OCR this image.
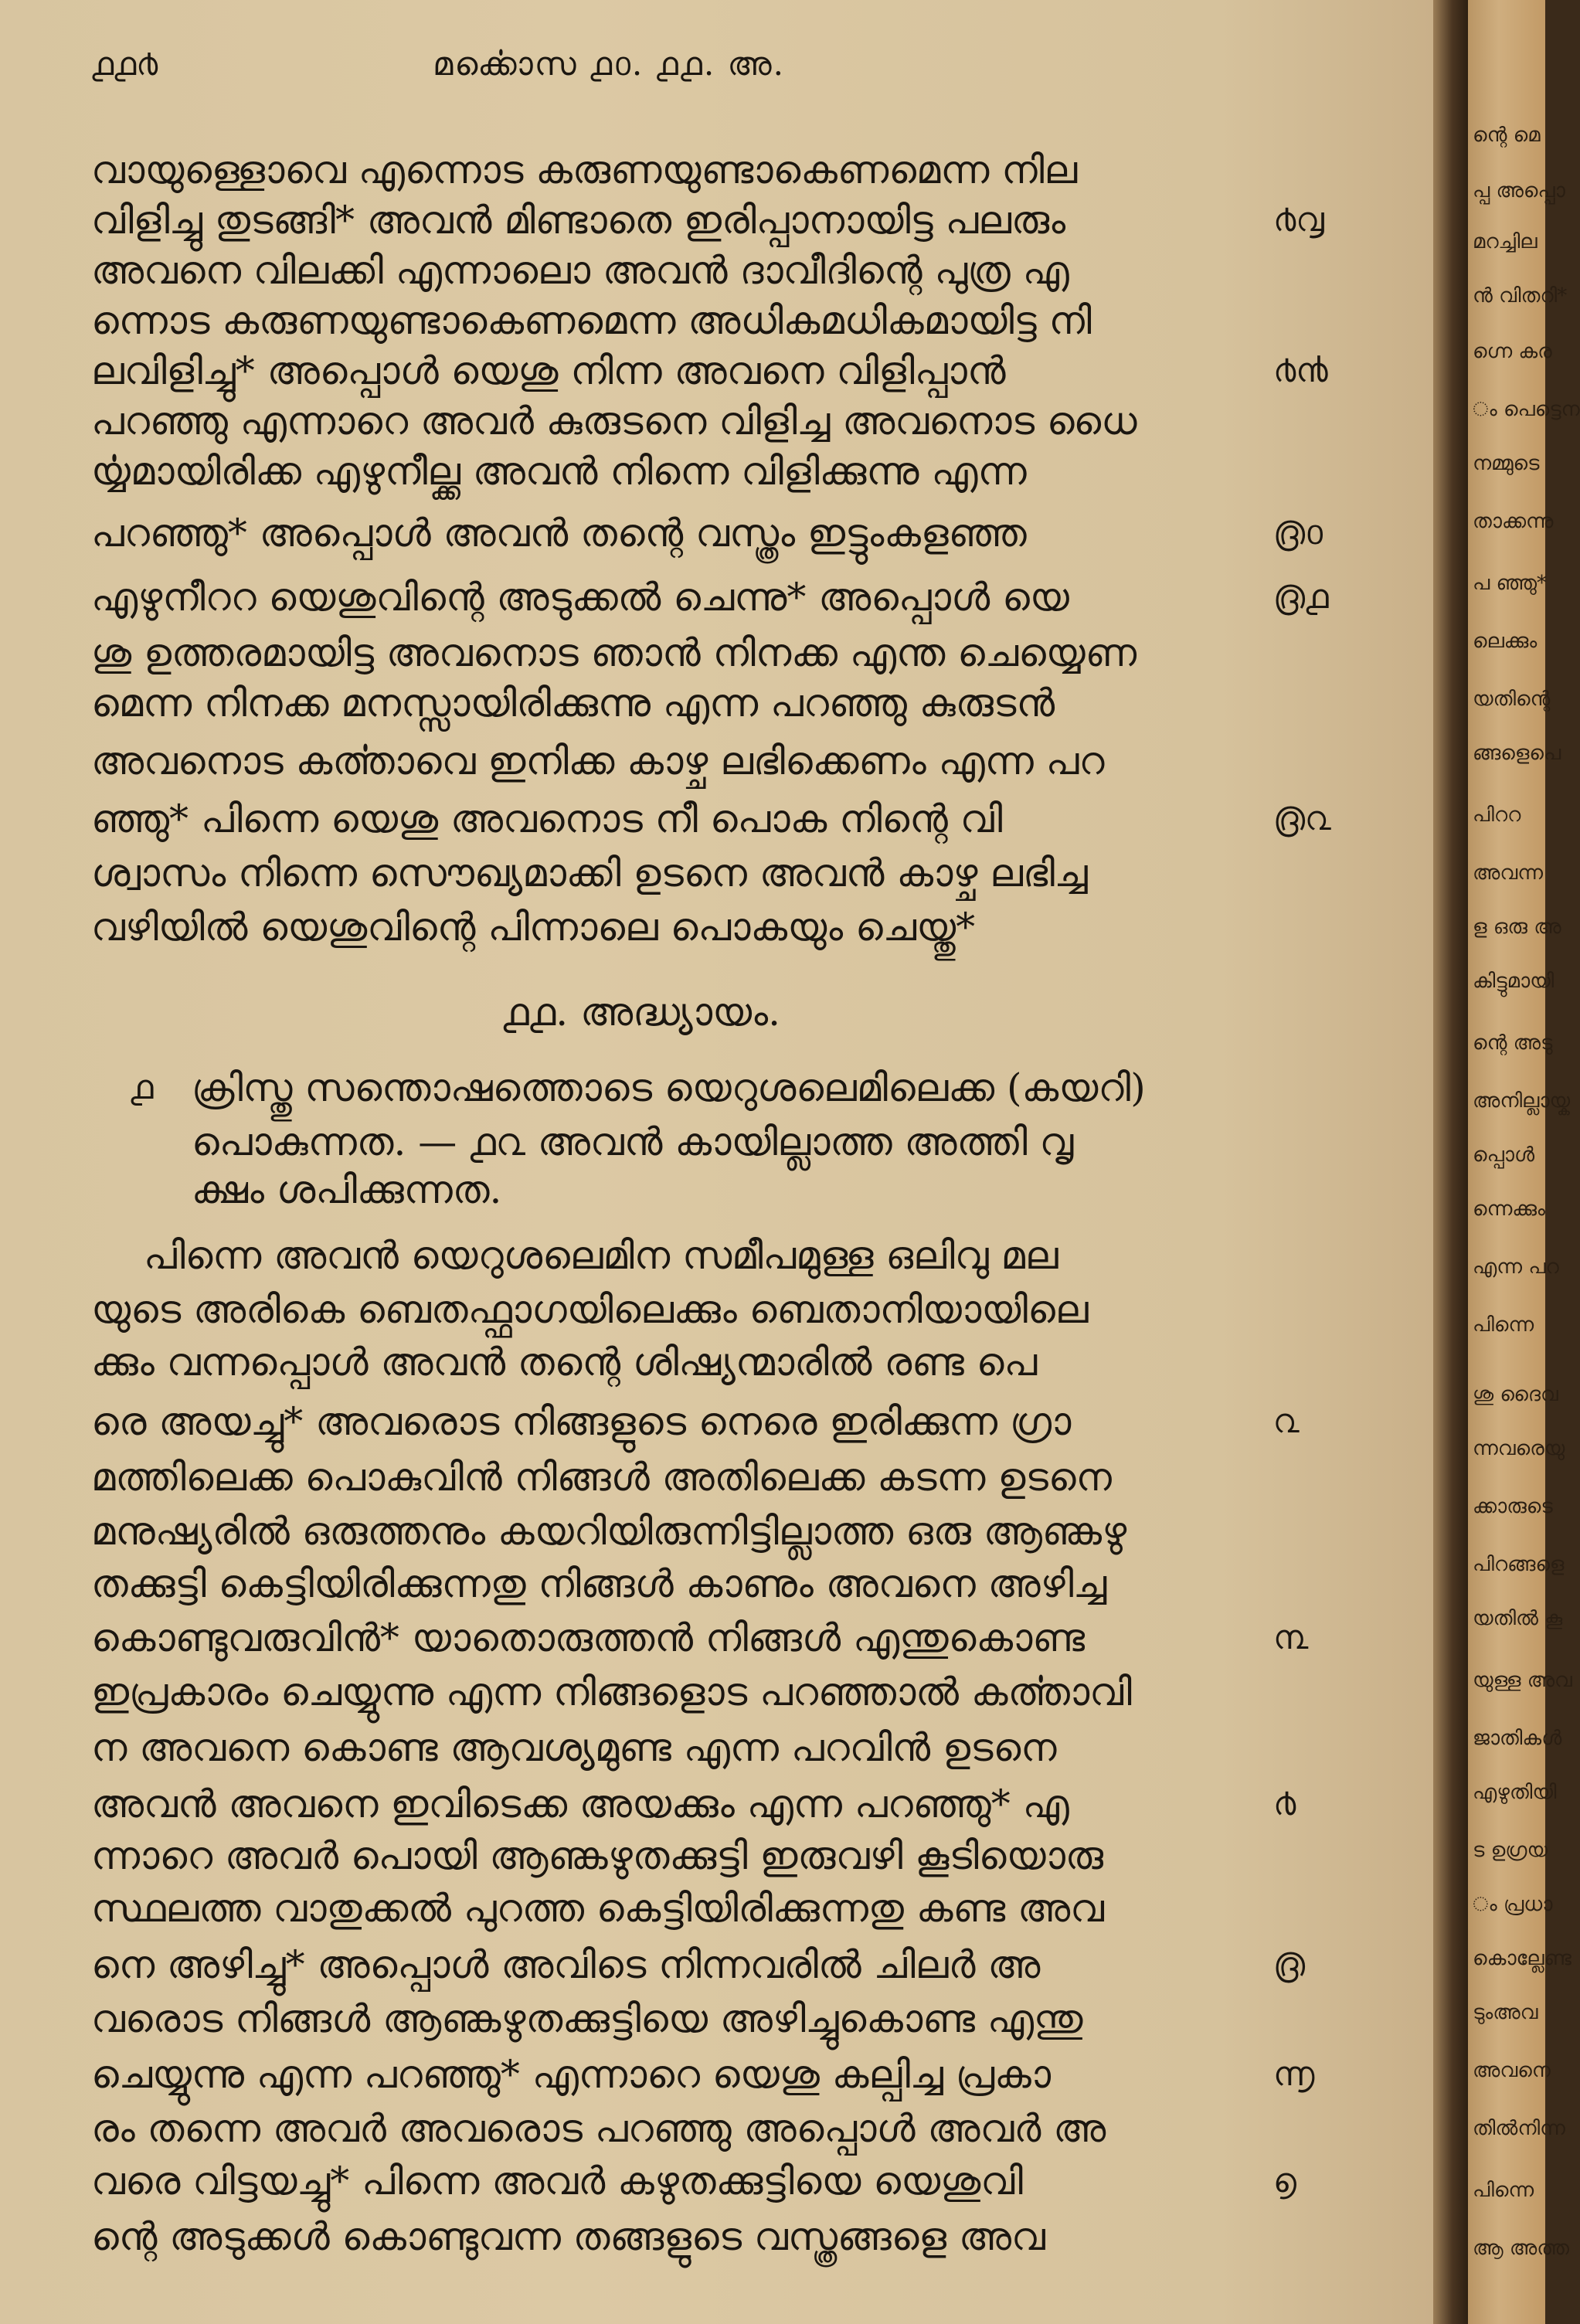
൧൧൪	മൎക്കൊസ ൧൦. ൧൧. അ.
വായുള്ളൊവെ എന്നൊട കരുണയുണ്ടാകെണമെന്ന നില
വിളിച്ചു തുടങ്ങി* അവൻ മിണ്ടാതെ ഇരിപ്പാനായിട്ട പലരും
അവനെ വിലക്കി എന്നാലൊ അവൻ ദാവീദിന്റെ പുത്ര എ
ന്നൊട കരുണയുണ്ടാകെണമെന്ന അധികമധികമായിട്ട നി
ലവിളിച്ചു* അപ്പൊൾ യെശു നിന്ന അവനെ വിളിപ്പാൻ
പറഞ്ഞു എന്നാറെ അവർ കുരുടനെ വിളിച്ച അവനൊട ധൈ
ൎയ്യമായിരിക്ക എഴുനീല്ക്ക അവൻ നിന്നെ വിളിക്കുന്നു എന്ന
പറഞ്ഞു* അപ്പൊൾ അവൻ തന്റെ വസ്ത്രം ഇട്ടുംകളഞ്ഞ
എഴുനീററ യെശുവിന്റെ അടുക്കൽ ചെന്നു* അപ്പൊൾ യെ
ശു ഉത്തരമായിട്ട അവനൊട ഞാൻ നിനക്ക എന്ത ചെയ്യെണ
മെന്ന നിനക്ക മനസ്സായിരിക്കുന്നു എന്ന പറഞ്ഞു കുരുടൻ
അവനൊട കൎത്താവെ ഇനിക്ക കാഴ്ച ലഭിക്കെണം എന്ന പറ
ഞ്ഞു* പിന്നെ യെശു അവനൊട നീ പൊക നിന്റെ വി
ശ്വാസം നിന്നെ സൌഖ്യമാക്കി ഉടനെ അവൻ കാഴ്ച ലഭിച്ച
വഴിയിൽ യെശുവിന്റെ പിന്നാലെ പൊകയും ചെയ്തു*
൪൮
൪൯
൫൦
൫൧
൫൨
൧൧. അദ്ധ്യായം.
൧ ക്രിസ്തു സന്തൊഷത്തൊടെ യെറുശലെമിലെക്ക (കയറി)
പൊകുന്നത. — ൧൨ അവൻ കായില്ലാത്ത അത്തി വൃ
ക്ഷം ശപിക്കുന്നത.
പിന്നെ അവൻ യെറുശലെമിന സമീപമുള്ള ഒലിവു മല
യുടെ അരികെ ബെതഫ്ഫാഗയിലെക്കും ബെതാനിയായിലെ
ക്കും വന്നപ്പൊൾ അവൻ തന്റെ ശിഷ്യന്മാരിൽ രണ്ട പെ
രെ അയച്ചു* അവരൊട നിങ്ങളുടെ നെരെ ഇരിക്കുന്ന ഗ്രാ
മത്തിലെക്ക പൊകുവിൻ നിങ്ങൾ അതിലെക്ക കടന്ന ഉടനെ
മനുഷ്യരിൽ ഒരുത്തനും കയറിയിരുന്നിട്ടില്ലാത്ത ഒരു ആണ്കഴു
തക്കുട്ടി കെട്ടിയിരിക്കുന്നതു നിങ്ങൾ കാണും അവനെ അഴിച്ച
കൊണ്ടുവരുവിൻ* യാതൊരുത്തൻ നിങ്ങൾ എന്തുകൊണ്ട
ഇപ്രകാരം ചെയ്യുന്നു എന്ന നിങ്ങളൊട പറഞ്ഞാൽ കൎത്താവി
ന അവനെ കൊണ്ട ആവശ്യമുണ്ട എന്ന പറവിൻ ഉടനെ
അവൻ അവനെ ഇവിടെക്ക അയക്കും എന്ന പറഞ്ഞു* എ
ന്നാറെ അവർ പൊയി ആണ്കഴുതക്കുട്ടി ഇരുവഴി കൂടിയൊരു
സ്ഥലത്ത വാതുക്കൽ പുറത്ത കെട്ടിയിരിക്കുന്നതു കണ്ട അവ
നെ അഴിച്ചു* അപ്പൊൾ അവിടെ നിന്നവരിൽ ചിലർ അ
വരൊട നിങ്ങൾ ആണ്കഴുതക്കുട്ടിയെ അഴിച്ചുകൊണ്ട എന്തു
ചെയ്യുന്നു എന്ന പറഞ്ഞു* എന്നാറെ യെശു കല്പിച്ച പ്രകാ
രം തന്നെ അവർ അവരൊട പറഞ്ഞു അപ്പൊൾ അവർ അ
വരെ വിട്ടയച്ചു* പിന്നെ അവർ കഴുതക്കുട്ടിയെ യെശുവി
ന്റെ അടുക്കൾ കൊണ്ടുവന്ന തങ്ങളുടെ വസ്ത്രങ്ങളെ അവ
൨
൩
൪
൫
൬
൭
ന്റെ മെ
പ്പ അപ്പൊ
മറച്ചില
ൻ വിതറി*
ഗ്നെ കര
ം പെട്ടെന
നമ്മുടെ
താക്കന്നു
പ ഞ്ഞു*
ലെക്കും
യതിന്റെ
ങ്ങളെപെ
പിററ
അവന്ന
ള ഒരു അ
കിട്ടുമായി
ന്റെ അടു
അനില്ലായ്ക
പ്പൊൾ
ന്നെക്കും
എന്ന പറ
പിന്നെ
ശു ദൈവ
ന്നവരെയു
ക്കാരുടെ
പിറങ്ങളെ
യതിൽ കൂ
യുള്ള അവ
ജാതികൾ
എഴുതിയി
ട ഉഗ്രയ
ം പ്രധാ
കൊല്ലേണ്ട
ടുംഅവ
അവനെ
തിൽനിന്ന
പിന്നെ
ആ അത്ത
